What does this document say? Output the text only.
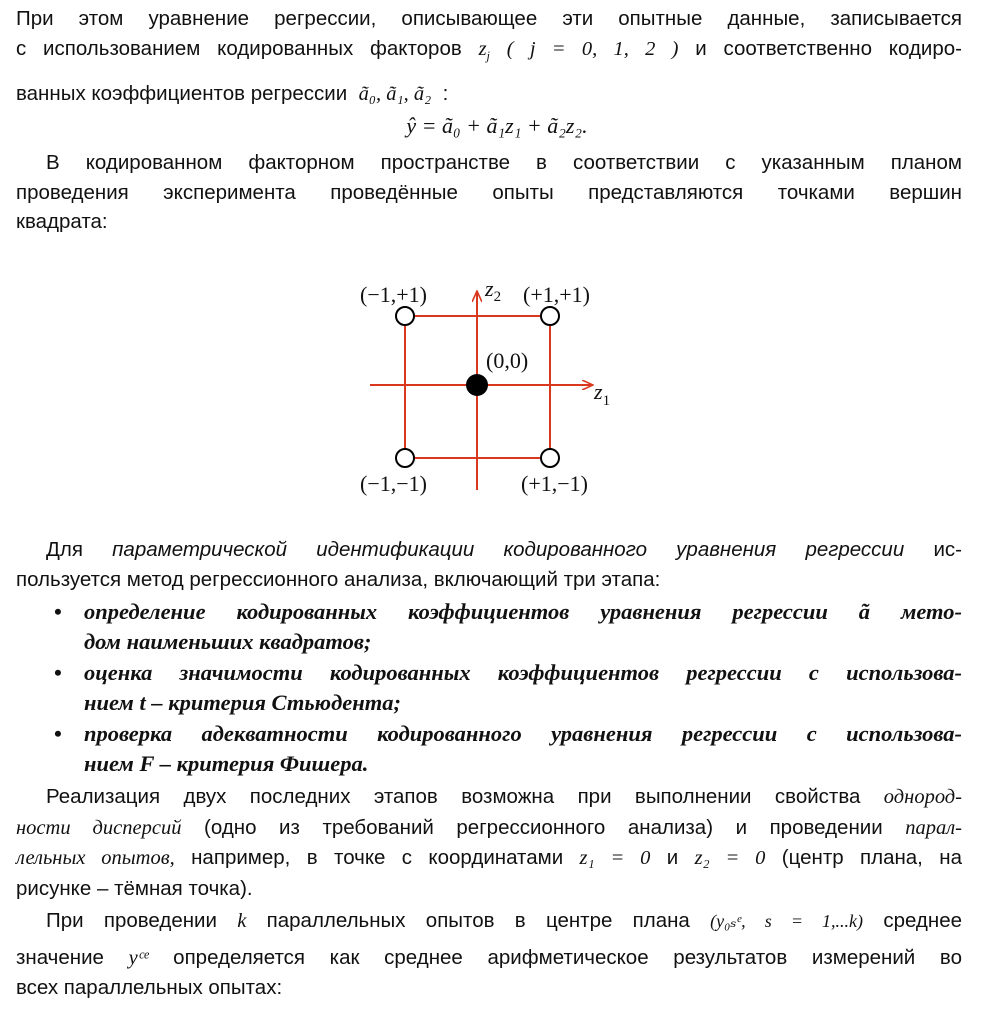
При этом уравнение регрессии, описывающее эти опытные данные, записывается
с использованием кодированных факторов $z_j$ ( j = 0, 1, 2 ) и соответственно кодиро-
ванных коэффициентов регрессии ã₀, ã₁, ã₂ :
ŷ = ã₀ + ã₁z₁ + ã₂z₂.
В кодированном факторном пространстве в соответствии с указанным планом
проведения эксперимента проведённые опыты представляются точками вершин
квадрата:
(−1,+1)	(+1,+1)
(0,0)
(−1,−1)	(+1,−1)
$z_2$
$z_1$
Для параметрической идентификации кодированного уравнения регрессии ис-
пользуется метод регрессионного анализа, включающий три этапа:
• определение кодированных коэффициентов уравнения регрессии ã мето-
дом наименьших квадратов;
• оценка значимости кодированных коэффициентов регрессии с использова-
нием t – критерия Стьюдента;
• проверка адекватности кодированного уравнения регрессии с использова-
нием F – критерия Фишера.
Реализация двух последних этапов возможна при выполнении свойства однород-
ности дисперсий (одно из требований регрессионного анализа) и проведении парал-
лельных опытов, например, в точке с координатами z₁ = 0 и z₂ = 0 (центр плана, на
рисунке – тёмная точка).
При проведении k параллельных опытов в центре плана (y₀ₛᵉ, s = 1,...k) среднее
значение yᶜᵉ определяется как среднее арифметическое результатов измерений во
всех параллельных опытах:
